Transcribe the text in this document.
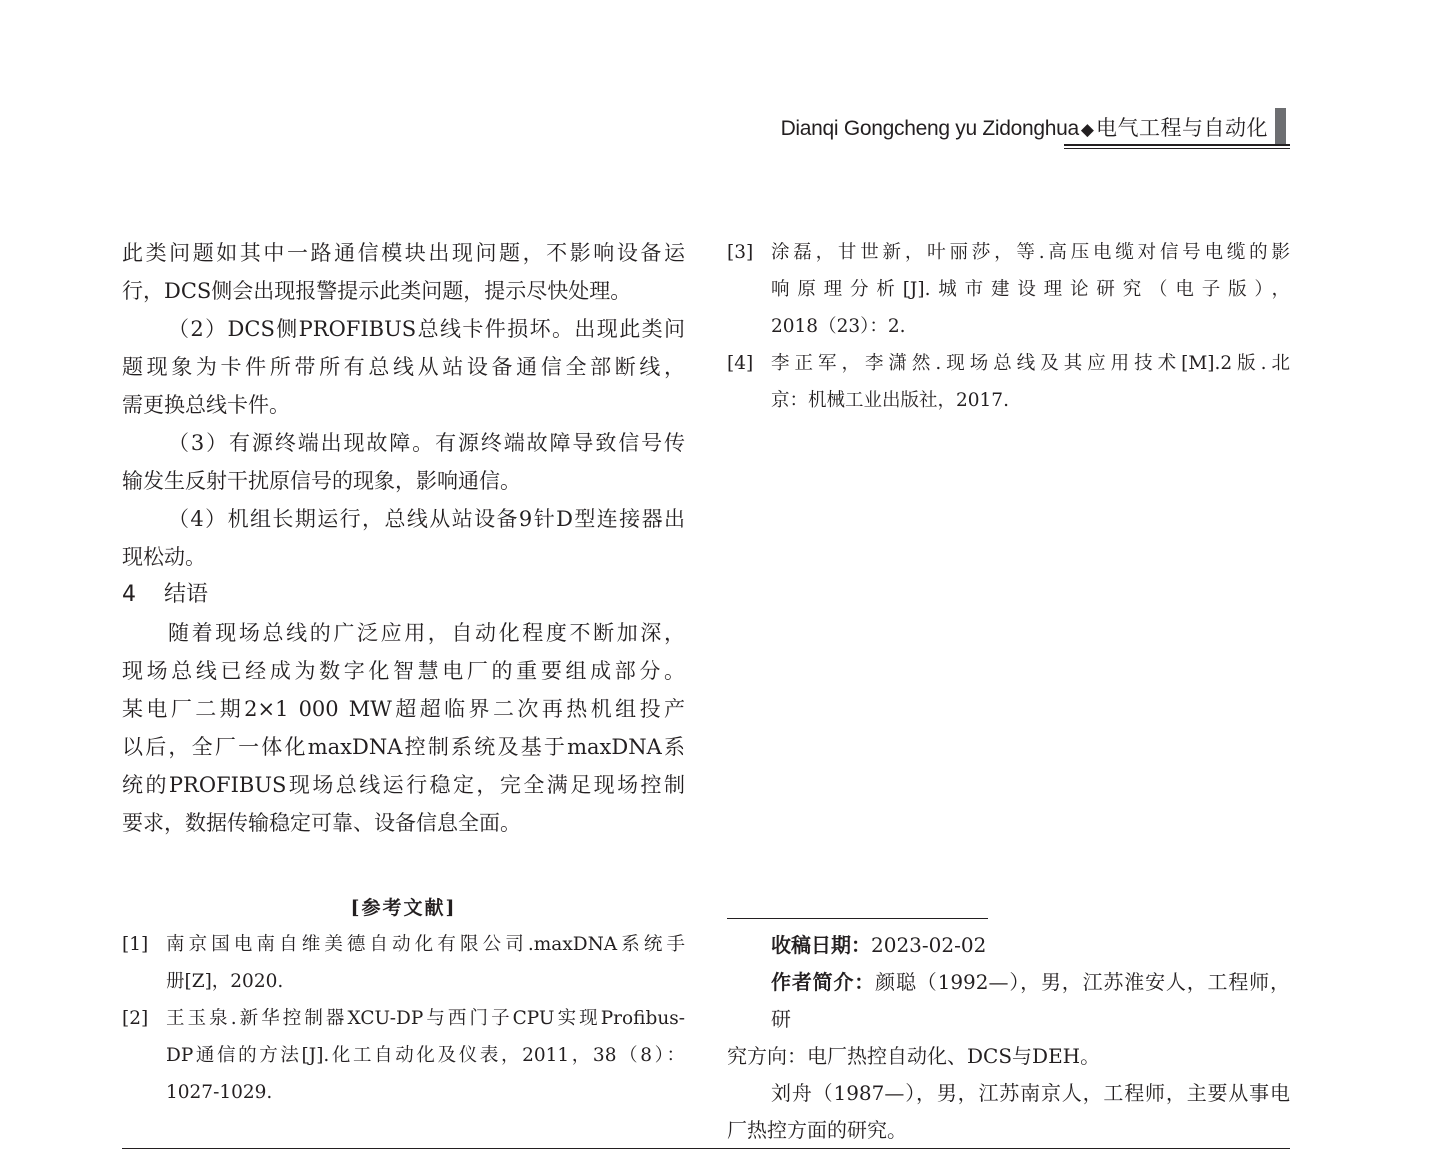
Dianqi Gongcheng yu Zidonghua ◆电气工程与自动化
此类问题如其中一路通信模块出现问题，不影响设备运
行，DCS侧会出现报警提示此类问题，提示尽快处理。
（2）DCS侧PROFIBUS总线卡件损坏。出现此类问
题现象为卡件所带所有总线从站设备通信全部断线，
需更换总线卡件。
（3）有源终端出现故障。有源终端故障导致信号传
输发生反射干扰原信号的现象，影响通信。
（4）机组长期运行，总线从站设备9针D型连接器出
现松动。
4 结语
随着现场总线的广泛应用，自动化程度不断加深，
现场总线已经成为数字化智慧电厂的重要组成部分。
某电厂二期2×1 000 MW超超临界二次再热机组投产
以后，全厂一体化maxDNA控制系统及基于maxDNA系
统的PROFIBUS现场总线运行稳定，完全满足现场控制
要求，数据传输稳定可靠、设备信息全面。
[参考文献]
[1] 南京国电南自维美德自动化有限公司.maxDNA系统手
册[Z]，2020.
[2] 王玉泉.新华控制器XCU-DP与西门子CPU实现Profibus-
DP通信的方法[J].化工自动化及仪表，2011，38（8）：
1027-1029.
[3] 涂磊，甘世新，叶丽莎，等.高压电缆对信号电缆的影
响原理分析[J].城市建设理论研究（电子版），
2018（23）：2.
[4] 李正军，李潇然.现场总线及其应用技术[M].2版.北
京：机械工业出版社，2017.
收稿日期：2023-02-02
作者简介：颜聪（1992—），男，江苏淮安人，工程师，研
究方向：电厂热控自动化、DCS与DEH。
刘舟（1987—），男，江苏南京人，工程师，主要从事电
厂热控方面的研究。
